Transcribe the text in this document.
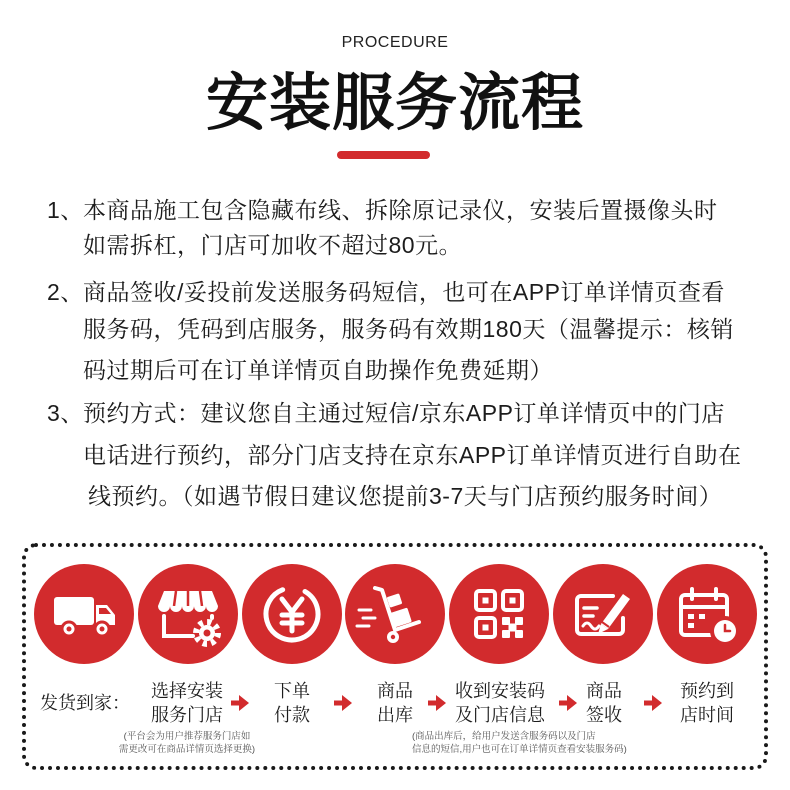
PROCEDURE
安装服务流程
1、 本商品施工包含隐藏布线、拆除原记录仪，安装后置摄像头时
如需拆杠，门店可加收不超过80元。
2、 商品签收/妥投前发送服务码短信，也可在APP订单详情页查看
服务码，凭码到店服务，服务码有效期180天（温馨提示：核销
码过期后可在订单详情页自助操作免费延期）
3、 预约方式：建议您自主通过短信/京东APP订单详情页中的门店
电话进行预约，部分门店支持在京东APP订单详情页进行自助在
线预约。（如遇节假日建议您提前3-7天与门店预约服务时间）
发货到家：
选择安装
服务门店
下单
付款
商品
出库
收到安装码
及门店信息
商品
签收
预约到
店时间
(平台会为用户推荐服务门店如
需更改可在商品详情页选择更换)
(商品出库后，给用户发送含服务码以及门店
信息的短信,用户也可在订单详情页查看安装服务码)
